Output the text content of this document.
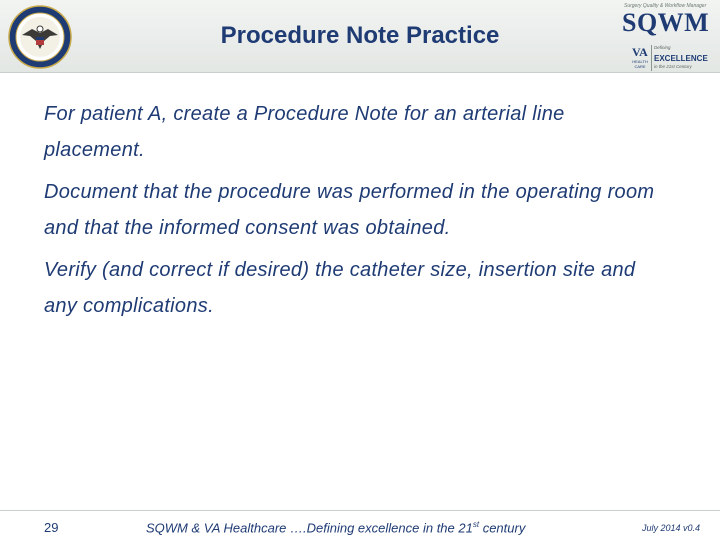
Procedure Note Practice
Surgery Quality & Workflow Manager
SQWM
VA
HEALTH CARE
Defining
EXCELLENCE
in the 21st Century

For patient A, create a Procedure Note for an arterial line placement.

Document that the procedure was performed in the operating room and that the informed consent was obtained.

Verify (and correct if desired) the catheter size, insertion site and any complications.

29	SQWM & VA Healthcare ….Defining excellence in the 21st century	July 2014 v0.4
